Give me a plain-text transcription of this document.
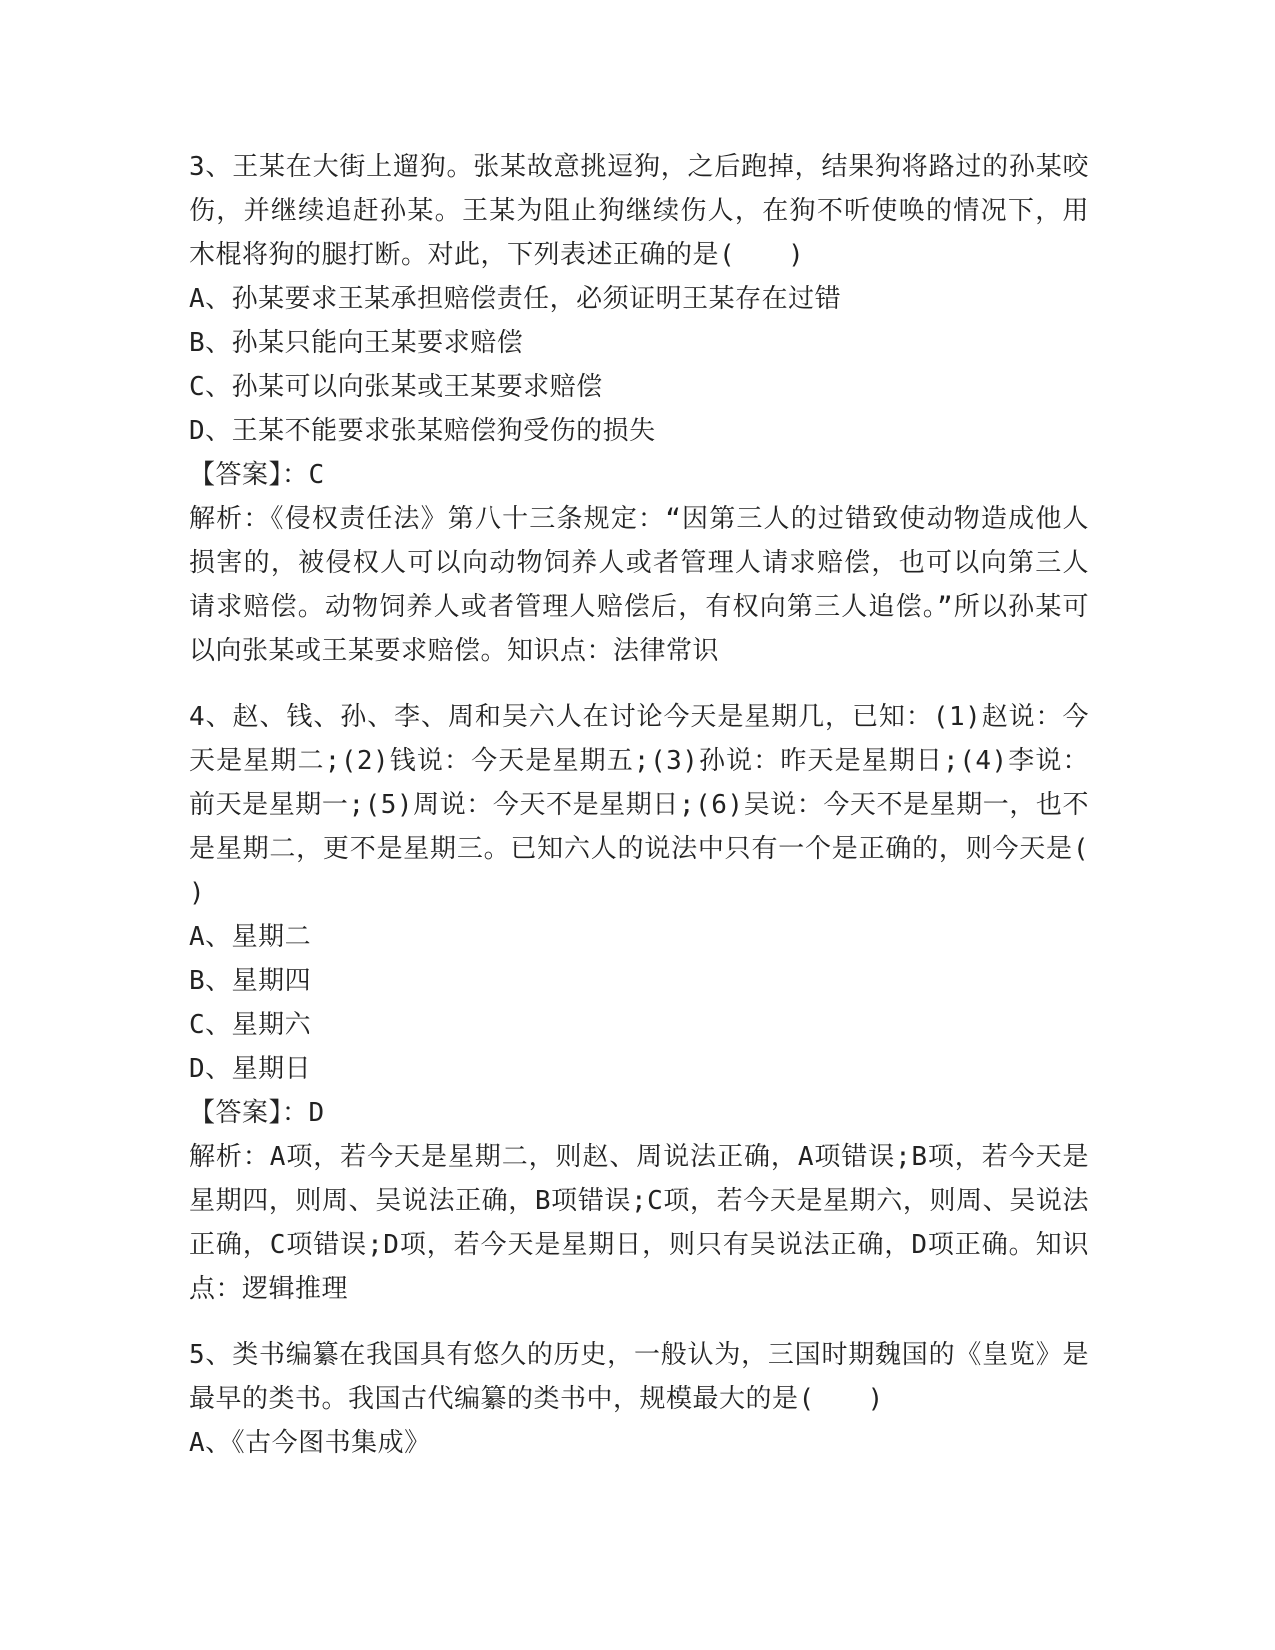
3、王某在大街上遛狗。张某故意挑逗狗，之后跑掉，结果狗将路过的孙某咬伤，并继续追赶孙某。王某为阻止狗继续伤人，在狗不听使唤的情况下，用木棍将狗的腿打断。对此，下列表述正确的是(　　)
A、孙某要求王某承担赔偿责任，必须证明王某存在过错
B、孙某只能向王某要求赔偿
C、孙某可以向张某或王某要求赔偿
D、王某不能要求张某赔偿狗受伤的损失
【答案】：C
解析：《侵权责任法》第八十三条规定：“因第三人的过错致使动物造成他人损害的，被侵权人可以向动物饲养人或者管理人请求赔偿，也可以向第三人请求赔偿。动物饲养人或者管理人赔偿后，有权向第三人追偿。”所以孙某可以向张某或王某要求赔偿。知识点：法律常识
4、赵、钱、孙、李、周和吴六人在讨论今天是星期几，已知：(1)赵说：今天是星期二;(2)钱说：今天是星期五;(3)孙说：昨天是星期日;(4)李说：前天是星期一;(5)周说：今天不是星期日;(6)吴说：今天不是星期一，也不是星期二，更不是星期三。已知六人的说法中只有一个是正确的，则今天是(　　)
A、星期二
B、星期四
C、星期六
D、星期日
【答案】：D
解析：A项，若今天是星期二，则赵、周说法正确，A项错误;B项，若今天是星期四，则周、吴说法正确，B项错误;C项，若今天是星期六，则周、吴说法正确，C项错误;D项，若今天是星期日，则只有吴说法正确，D项正确。知识点：逻辑推理
5、类书编纂在我国具有悠久的历史，一般认为，三国时期魏国的《皇览》是最早的类书。我国古代编纂的类书中，规模最大的是(　　)
A、《古今图书集成》
